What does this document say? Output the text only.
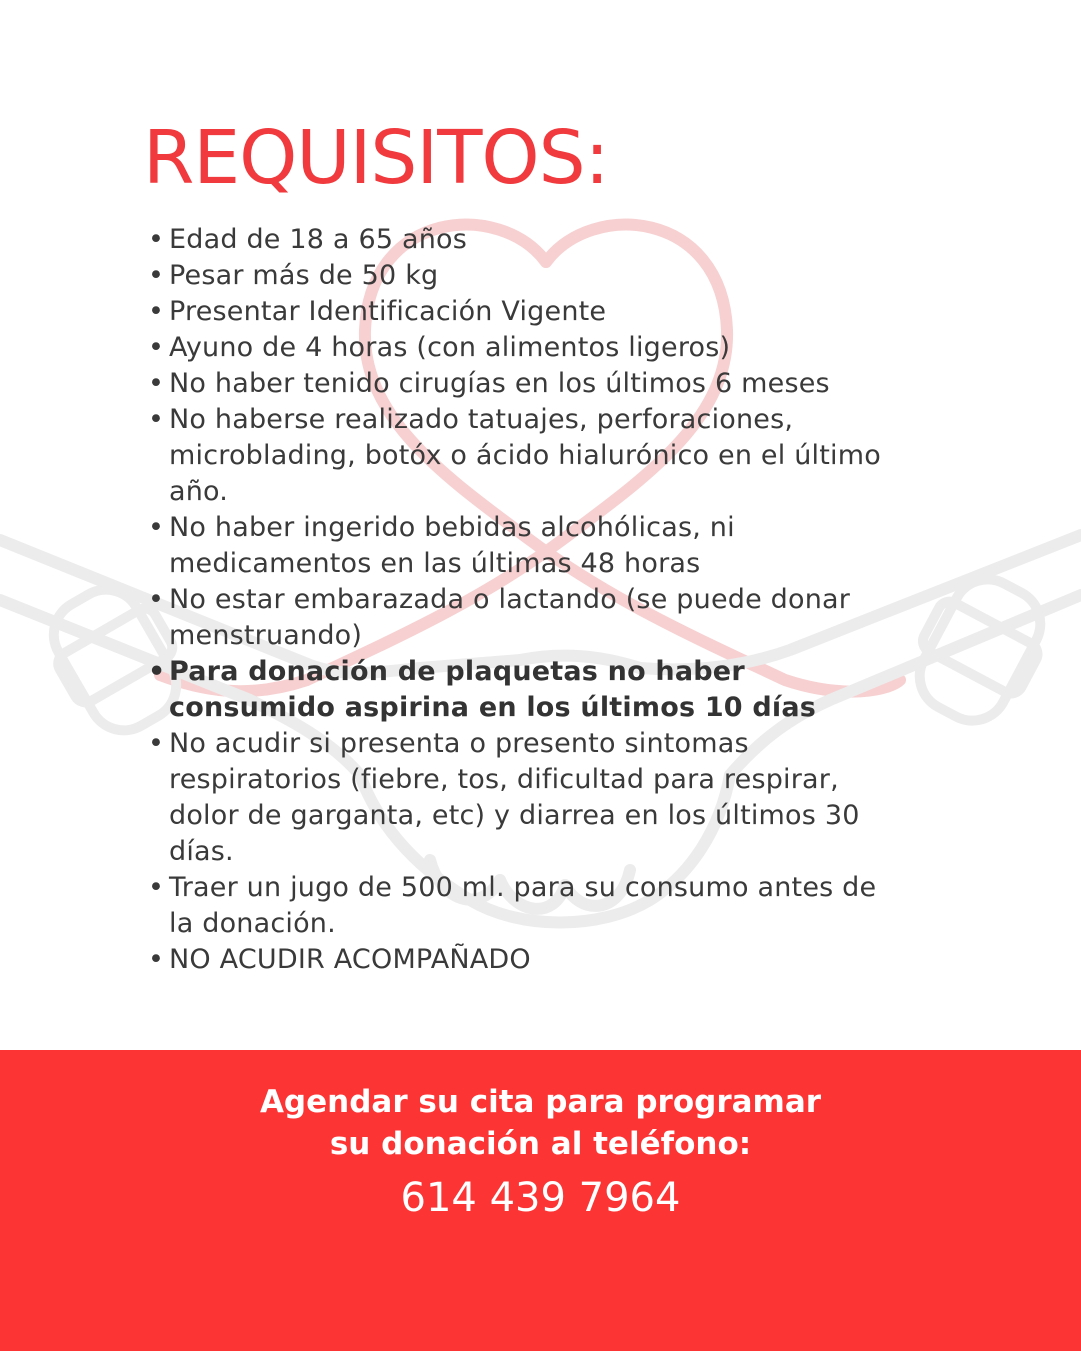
REQUISITOS:
• Edad de 18 a 65 años
• Pesar más de 50 kg
• Presentar Identificación Vigente
• Ayuno de 4 horas (con alimentos ligeros)
• No haber tenido cirugías en los últimos 6 meses
• No haberse realizado tatuajes, perforaciones, microblading, botóx o ácido hialurónico en el último año.
• No haber ingerido bebidas alcohólicas, ni medicamentos en las últimas 48 horas
• No estar embarazada o lactando (se puede donar menstruando)
• Para donación de plaquetas no haber consumido aspirina en los últimos 10 días
• No acudir si presenta o presento sintomas respiratorios (fiebre, tos, dificultad para respirar, dolor de garganta, etc) y diarrea en los últimos 30 días.
• Traer un jugo de 500 ml. para su consumo antes de la donación.
• NO ACUDIR ACOMPAÑADO
Agendar su cita para programar
su donación al teléfono:
614 439 7964
